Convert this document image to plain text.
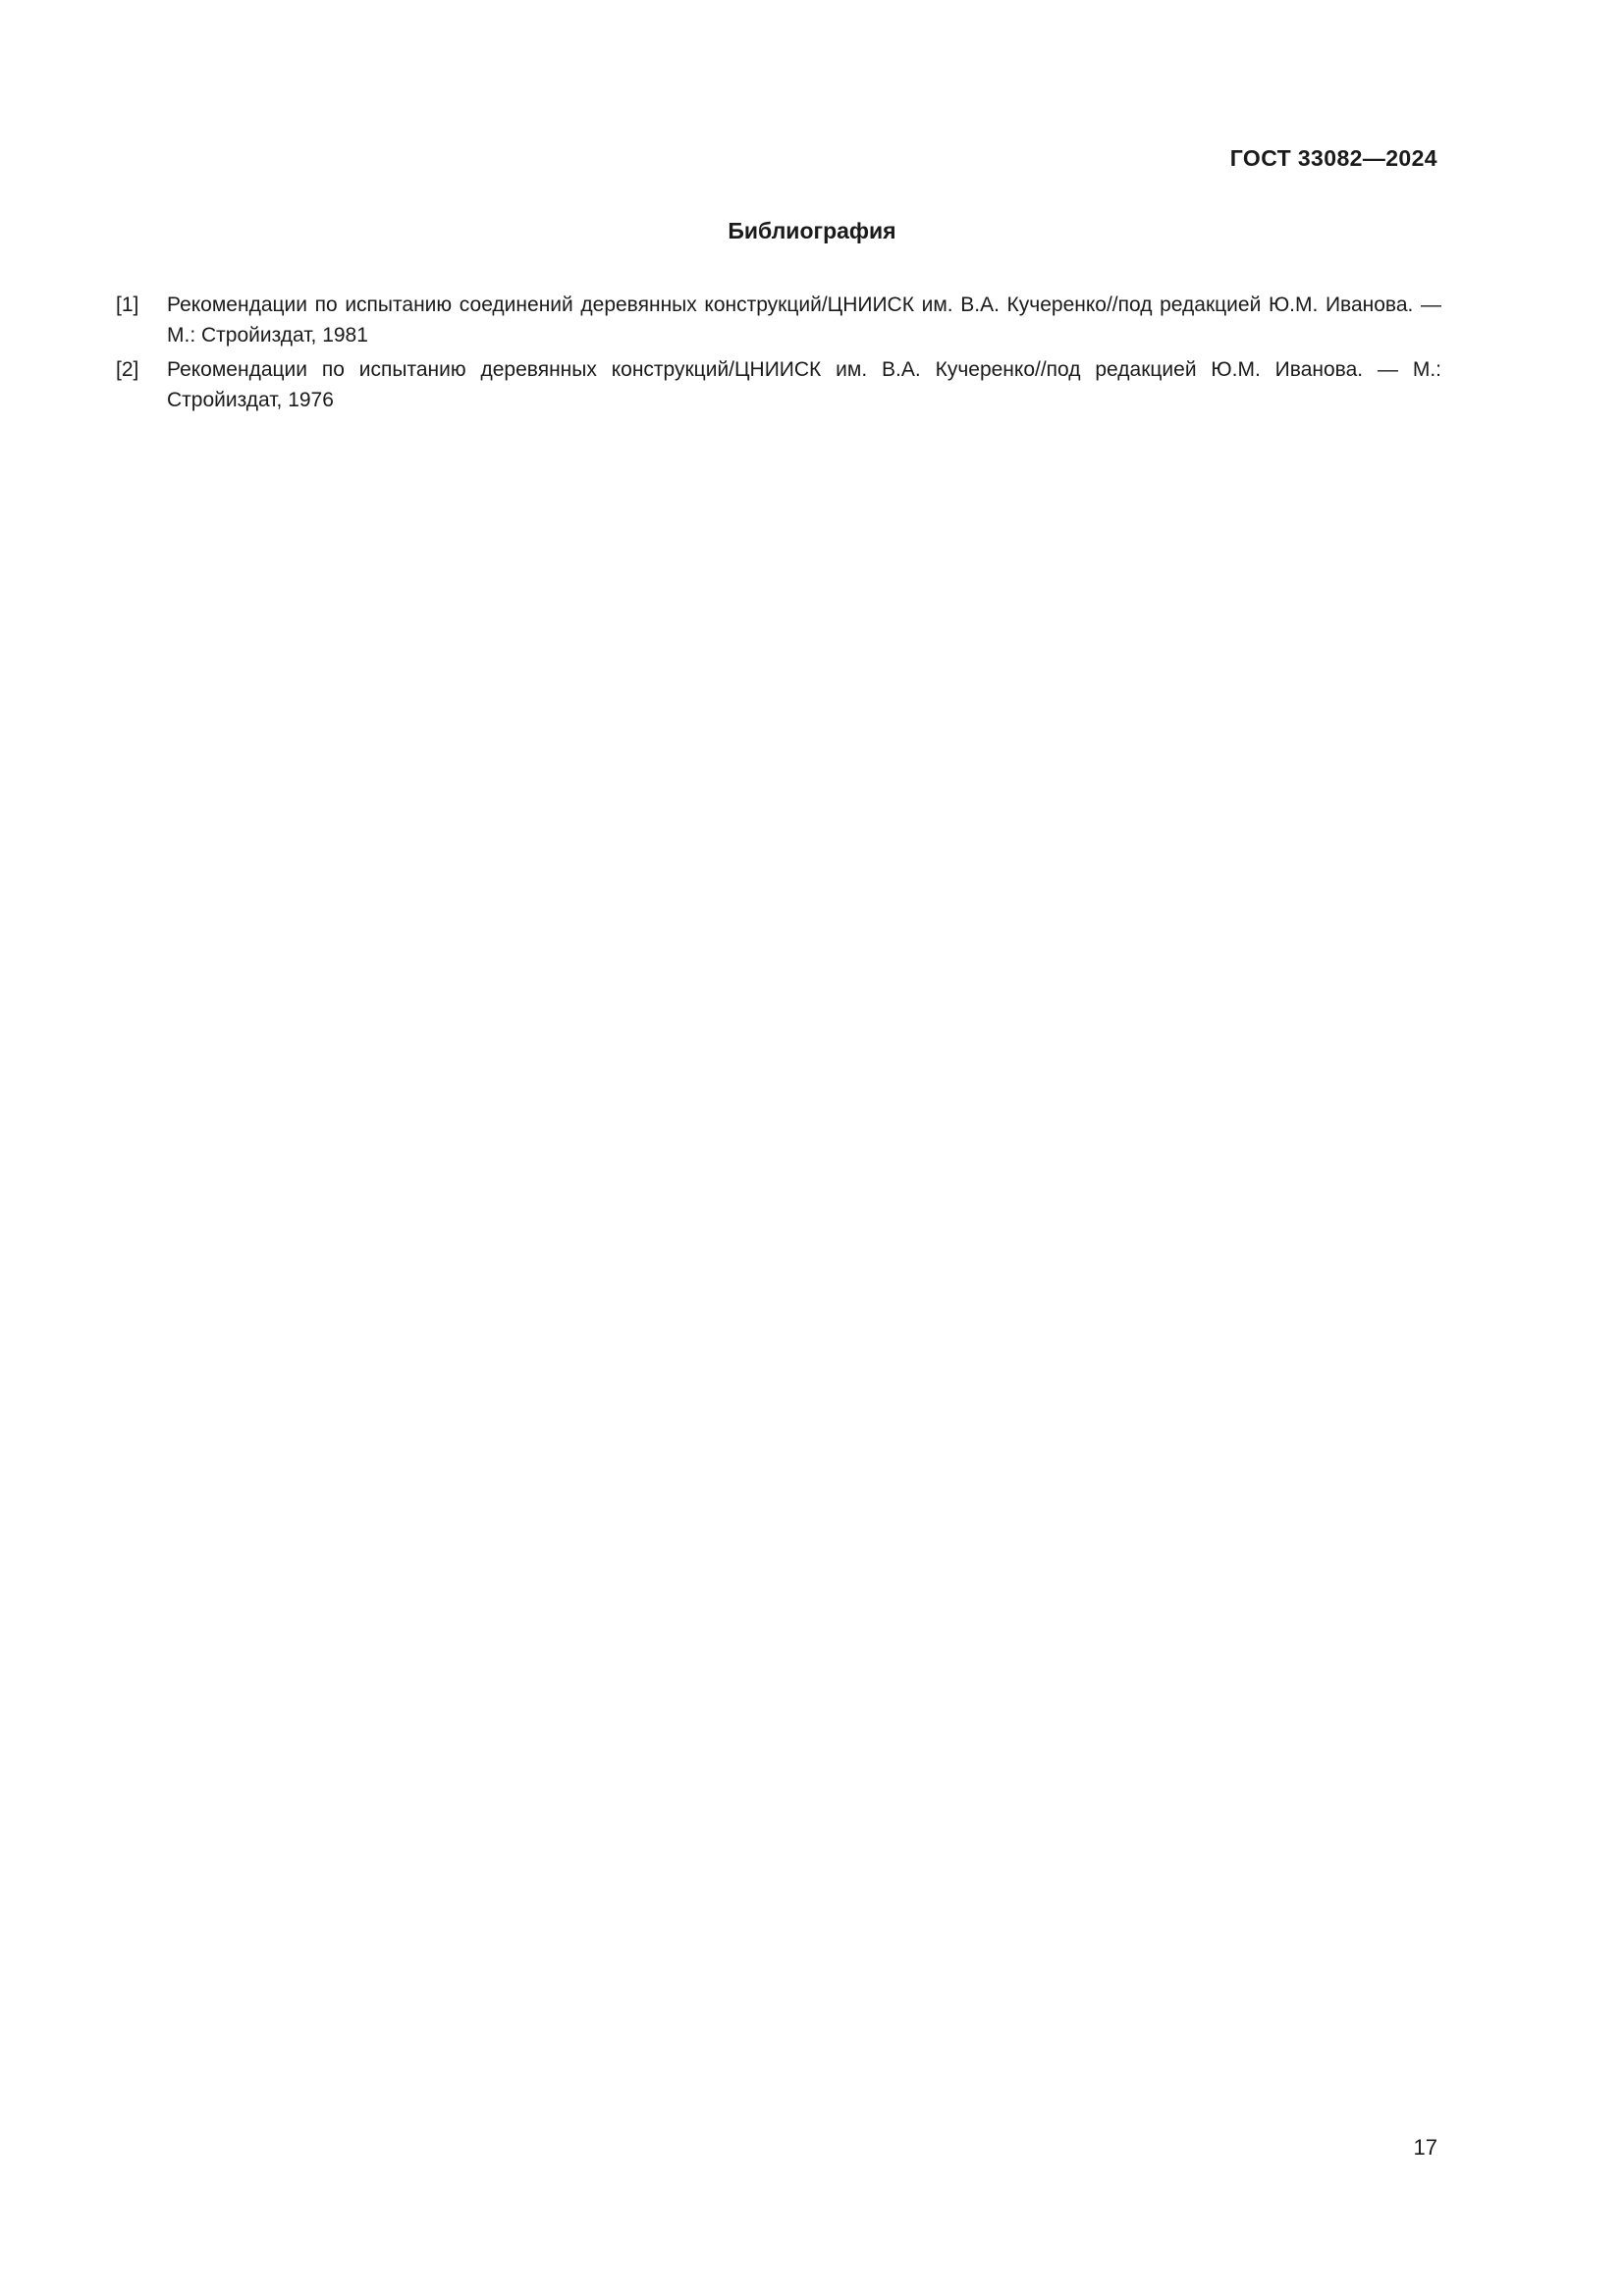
ГОСТ 33082—2024
Библиография
[1]	Рекомендации по испытанию соединений деревянных конструкций/ЦНИИСК им. В.А. Кучеренко//под редакцией Ю.М. Иванова. — М.: Стройиздат, 1981
[2]	Рекомендации по испытанию деревянных конструкций/ЦНИИСК им. В.А. Кучеренко//под редакцией Ю.М. Иванова. — М.: Стройиздат, 1976
17
